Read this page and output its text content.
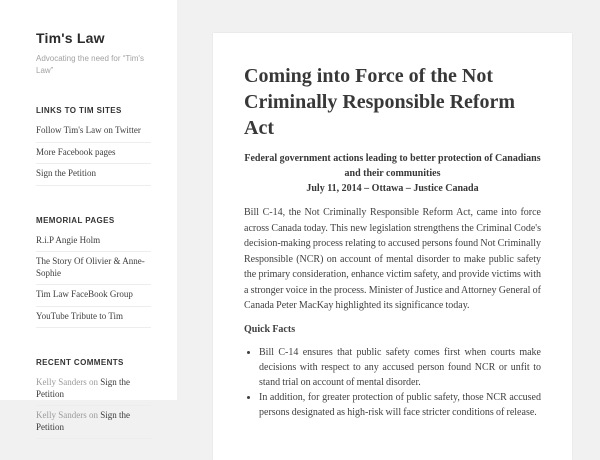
Tim's Law

Advocating the need for “Tim's Law”

LINKS TO TIM SITES
Follow Tim's Law on Twitter
More Facebook pages
Sign the Petition
MEMORIAL PAGES
R.i.P Angie Holm
The Story Of Olivier & Anne-Sophie
Tim Law FaceBook Group
YouTube Tribute to Tim
RECENT COMMENTS
Kelly Sanders on Sign the Petition
Kelly Sanders on Sign the Petition
Coming into Force of the Not Criminally Responsible Reform Act
Federal government actions leading to better protection of Canadians and their communities
July 11, 2014 – Ottawa – Justice Canada

Bill C-14, the Not Criminally Responsible Reform Act, came into force across Canada today. This new legislation strengthens the Criminal Code's decision-making process relating to accused persons found Not Criminally Responsible (NCR) on account of mental disorder to make public safety the primary consideration, enhance victim safety, and provide victims with a stronger voice in the process. Minister of Justice and Attorney General of Canada Peter MacKay highlighted its significance today.

Quick Facts

• Bill C-14 ensures that public safety comes first when courts make decisions with respect to any accused person found NCR or unfit to stand trial on account of mental disorder.
• In addition, for greater protection of public safety, those NCR accused persons designated as high-risk will face stricter conditions of release.
